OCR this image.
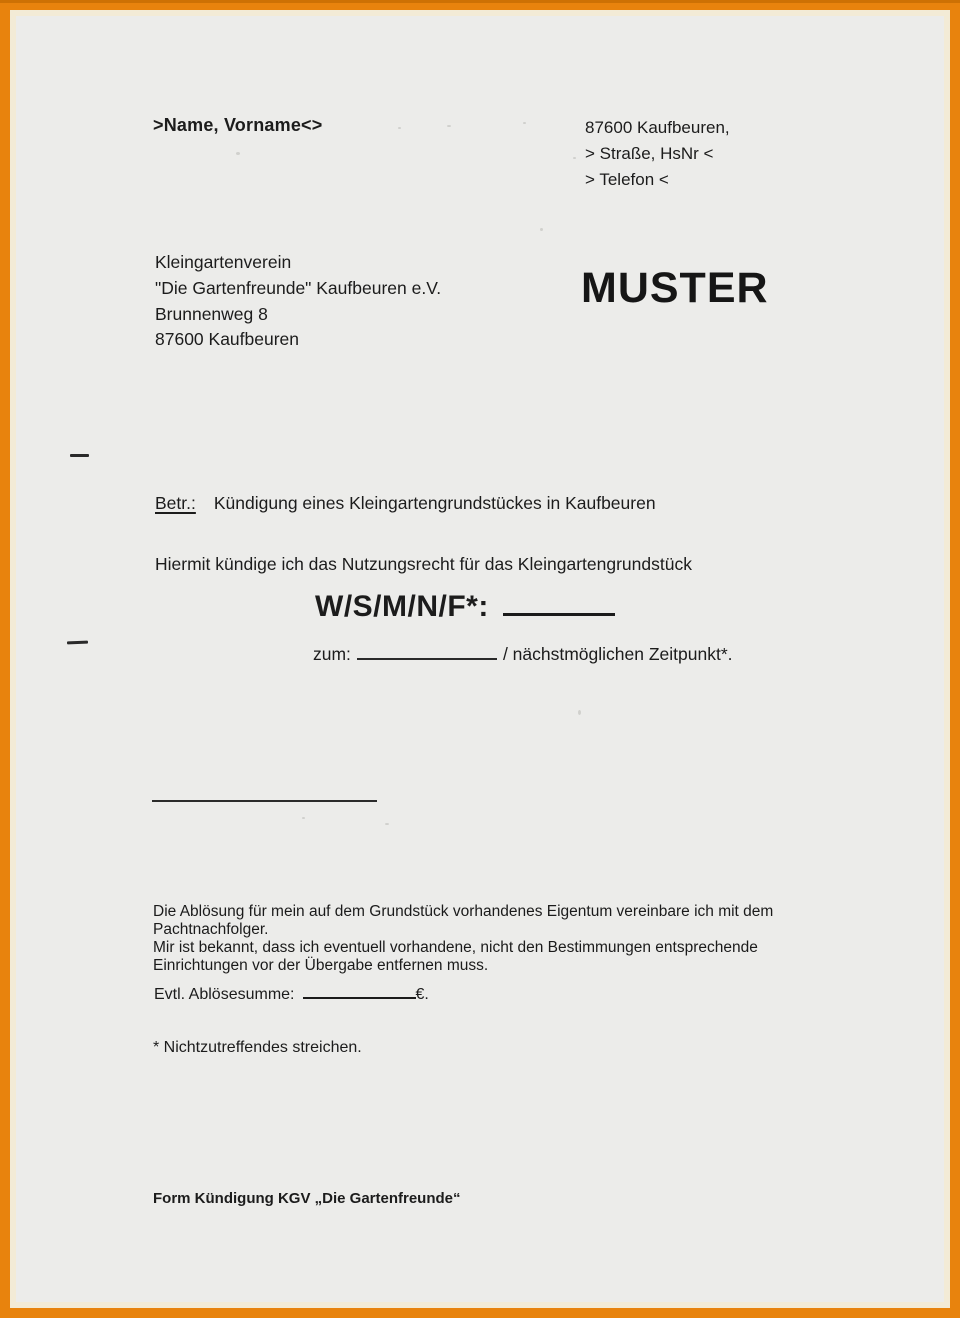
>Name, Vorname<>	87600 Kaufbeuren,
> Straße, HsNr <
> Telefon <
Kleingartenverein
"Die Gartenfreunde" Kaufbeuren e.V.
Brunnenweg 8
87600 Kaufbeuren
MUSTER
Betr.: Kündigung eines Kleingartengrundstückes in Kaufbeuren
Hiermit kündige ich das Nutzungsrecht für das Kleingartengrundstück
W/S/M/N/F*:
zum:	/ nächstmöglichen Zeitpunkt*.
Die Ablösung für mein auf dem Grundstück vorhandenes Eigentum vereinbare ich mit dem
Pachtnachfolger.
Mir ist bekannt, dass ich eventuell vorhandene, nicht den Bestimmungen entsprechende
Einrichtungen vor der Übergabe entfernen muss.
Evtl. Ablösesumme:	€.
* Nichtzutreffendes streichen.
Form Kündigung KGV „Die Gartenfreunde“
